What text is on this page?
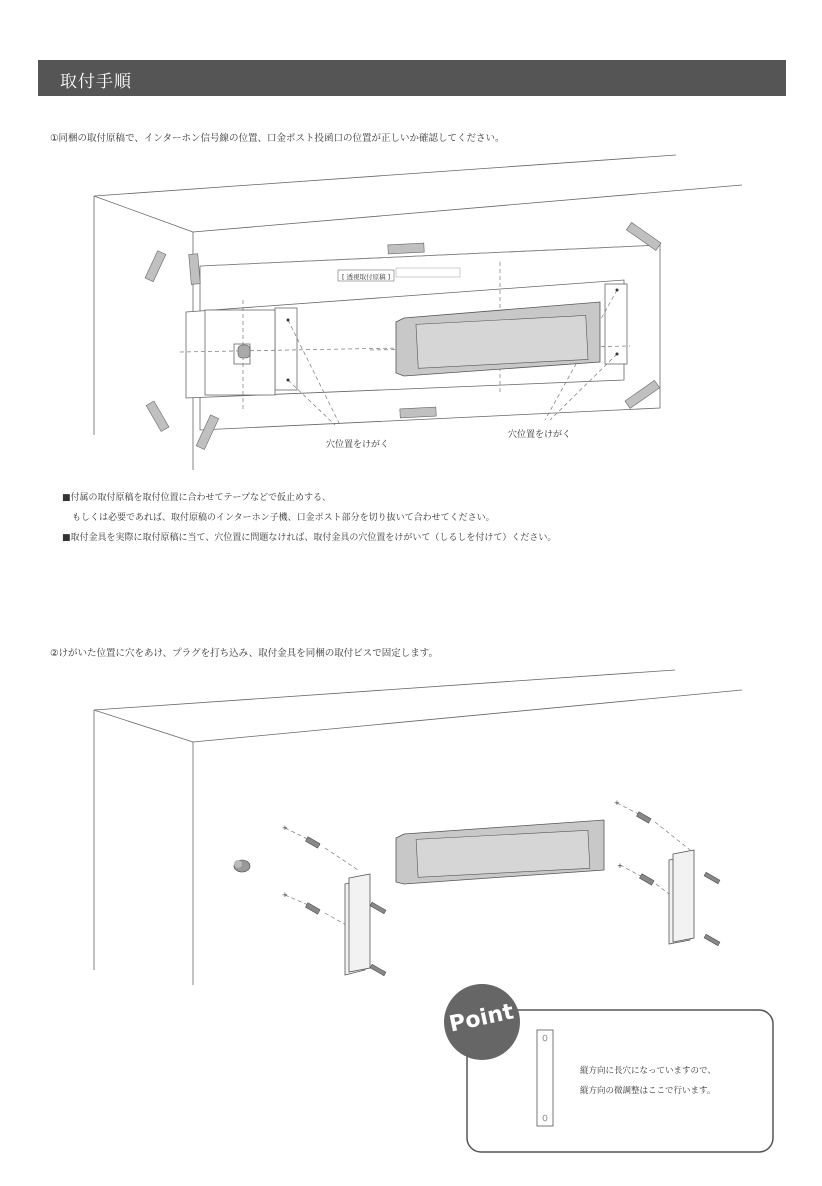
取付手順
①同梱の取付原稿で、インターホン信号線の位置、口金ポスト投函口の位置が正しいか確認してください。
[ 透視取付原稿 ]
穴位置をけがく
穴位置をけがく
■付属の取付原稿を取付位置に合わせてテープなどで仮止めする、
もしくは必要であれば、取付原稿のインターホン子機、口金ポスト部分を切り抜いて合わせてください。
■取付金具を実際に取付原稿に当て、穴位置に問題なければ、取付金具の穴位置をけがいて（しるしを付けて）ください。
②けがいた位置に穴をあけ、プラグを打ち込み、取付金具を同梱の取付ビスで固定します。
+
+
+
+
Point
縦方向に長穴になっていますので、
縦方向の微調整はここで行います。
